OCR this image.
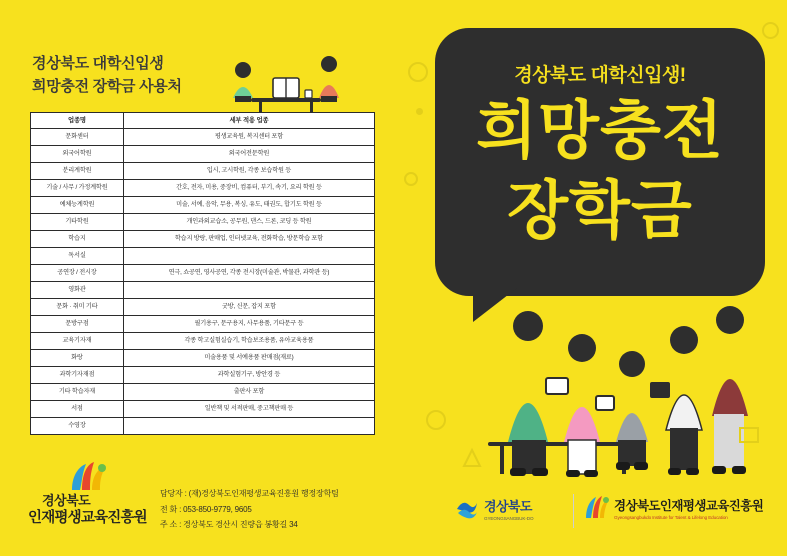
경상북도 대학신입생
희망충전 장학금 사용처
업종명	세부 적용 업종
문화센터	평생교육원, 복지센터 포함
외국어학원	외국어전문학원
분리계학원	입시, 고시학원, 각종 보습학원 등
기술 / 사무 / 가정계학원	간호, 전자, 미용, 중장비, 컴퓨터, 부기, 속기, 요리 학원 등
예체능계학원	미술, 서예, 음악, 무용, 복싱, 유도, 태권도, 합기도 학원 등
기타학원	개인과외교습소, 공무원, 댄스, 드론, 코딩 등 학원
학습지	학습지 방랑, 판매업, 인터넷교육, 전화학습, 방문학습 포함
독서실	
공연장 / 전시장	연극, 쇼공연, 영사공연, 각종 전시장(미술관, 박물관, 과학관 등)
영화관	
문화 · 취미 기타	굿방, 신문, 잡지 포함
문방구점	필기용구, 문구용지, 사무용품, 기타문구 등
교육기자재	각종 학고실험실습기, 학습보조용품, 유아교육용품
화랑	미술용품 및 서예용품 판매점(재료)
과학기자재점	과학실험기구, 방안경 등
기타 학습자재	출판사 포함
서점	일반책 및 서적판매, 중고책판매 등
수영장	
경상북도
인재평생교육진흥원
담당자 : (재)경상북도인재평생교육진흥원 행정장학팀
전 화 : 053-850-9779, 9605
주 소 : 경상북도 경산시 진량읍 봉황길 34
경상북도 대학신입생!
희망충전
장학금
경상북도
GYEONGSANGBUK-DO
경상북도인재평생교육진흥원
Gyeongsangbukdo Institute for Talent & Lifelong Education
